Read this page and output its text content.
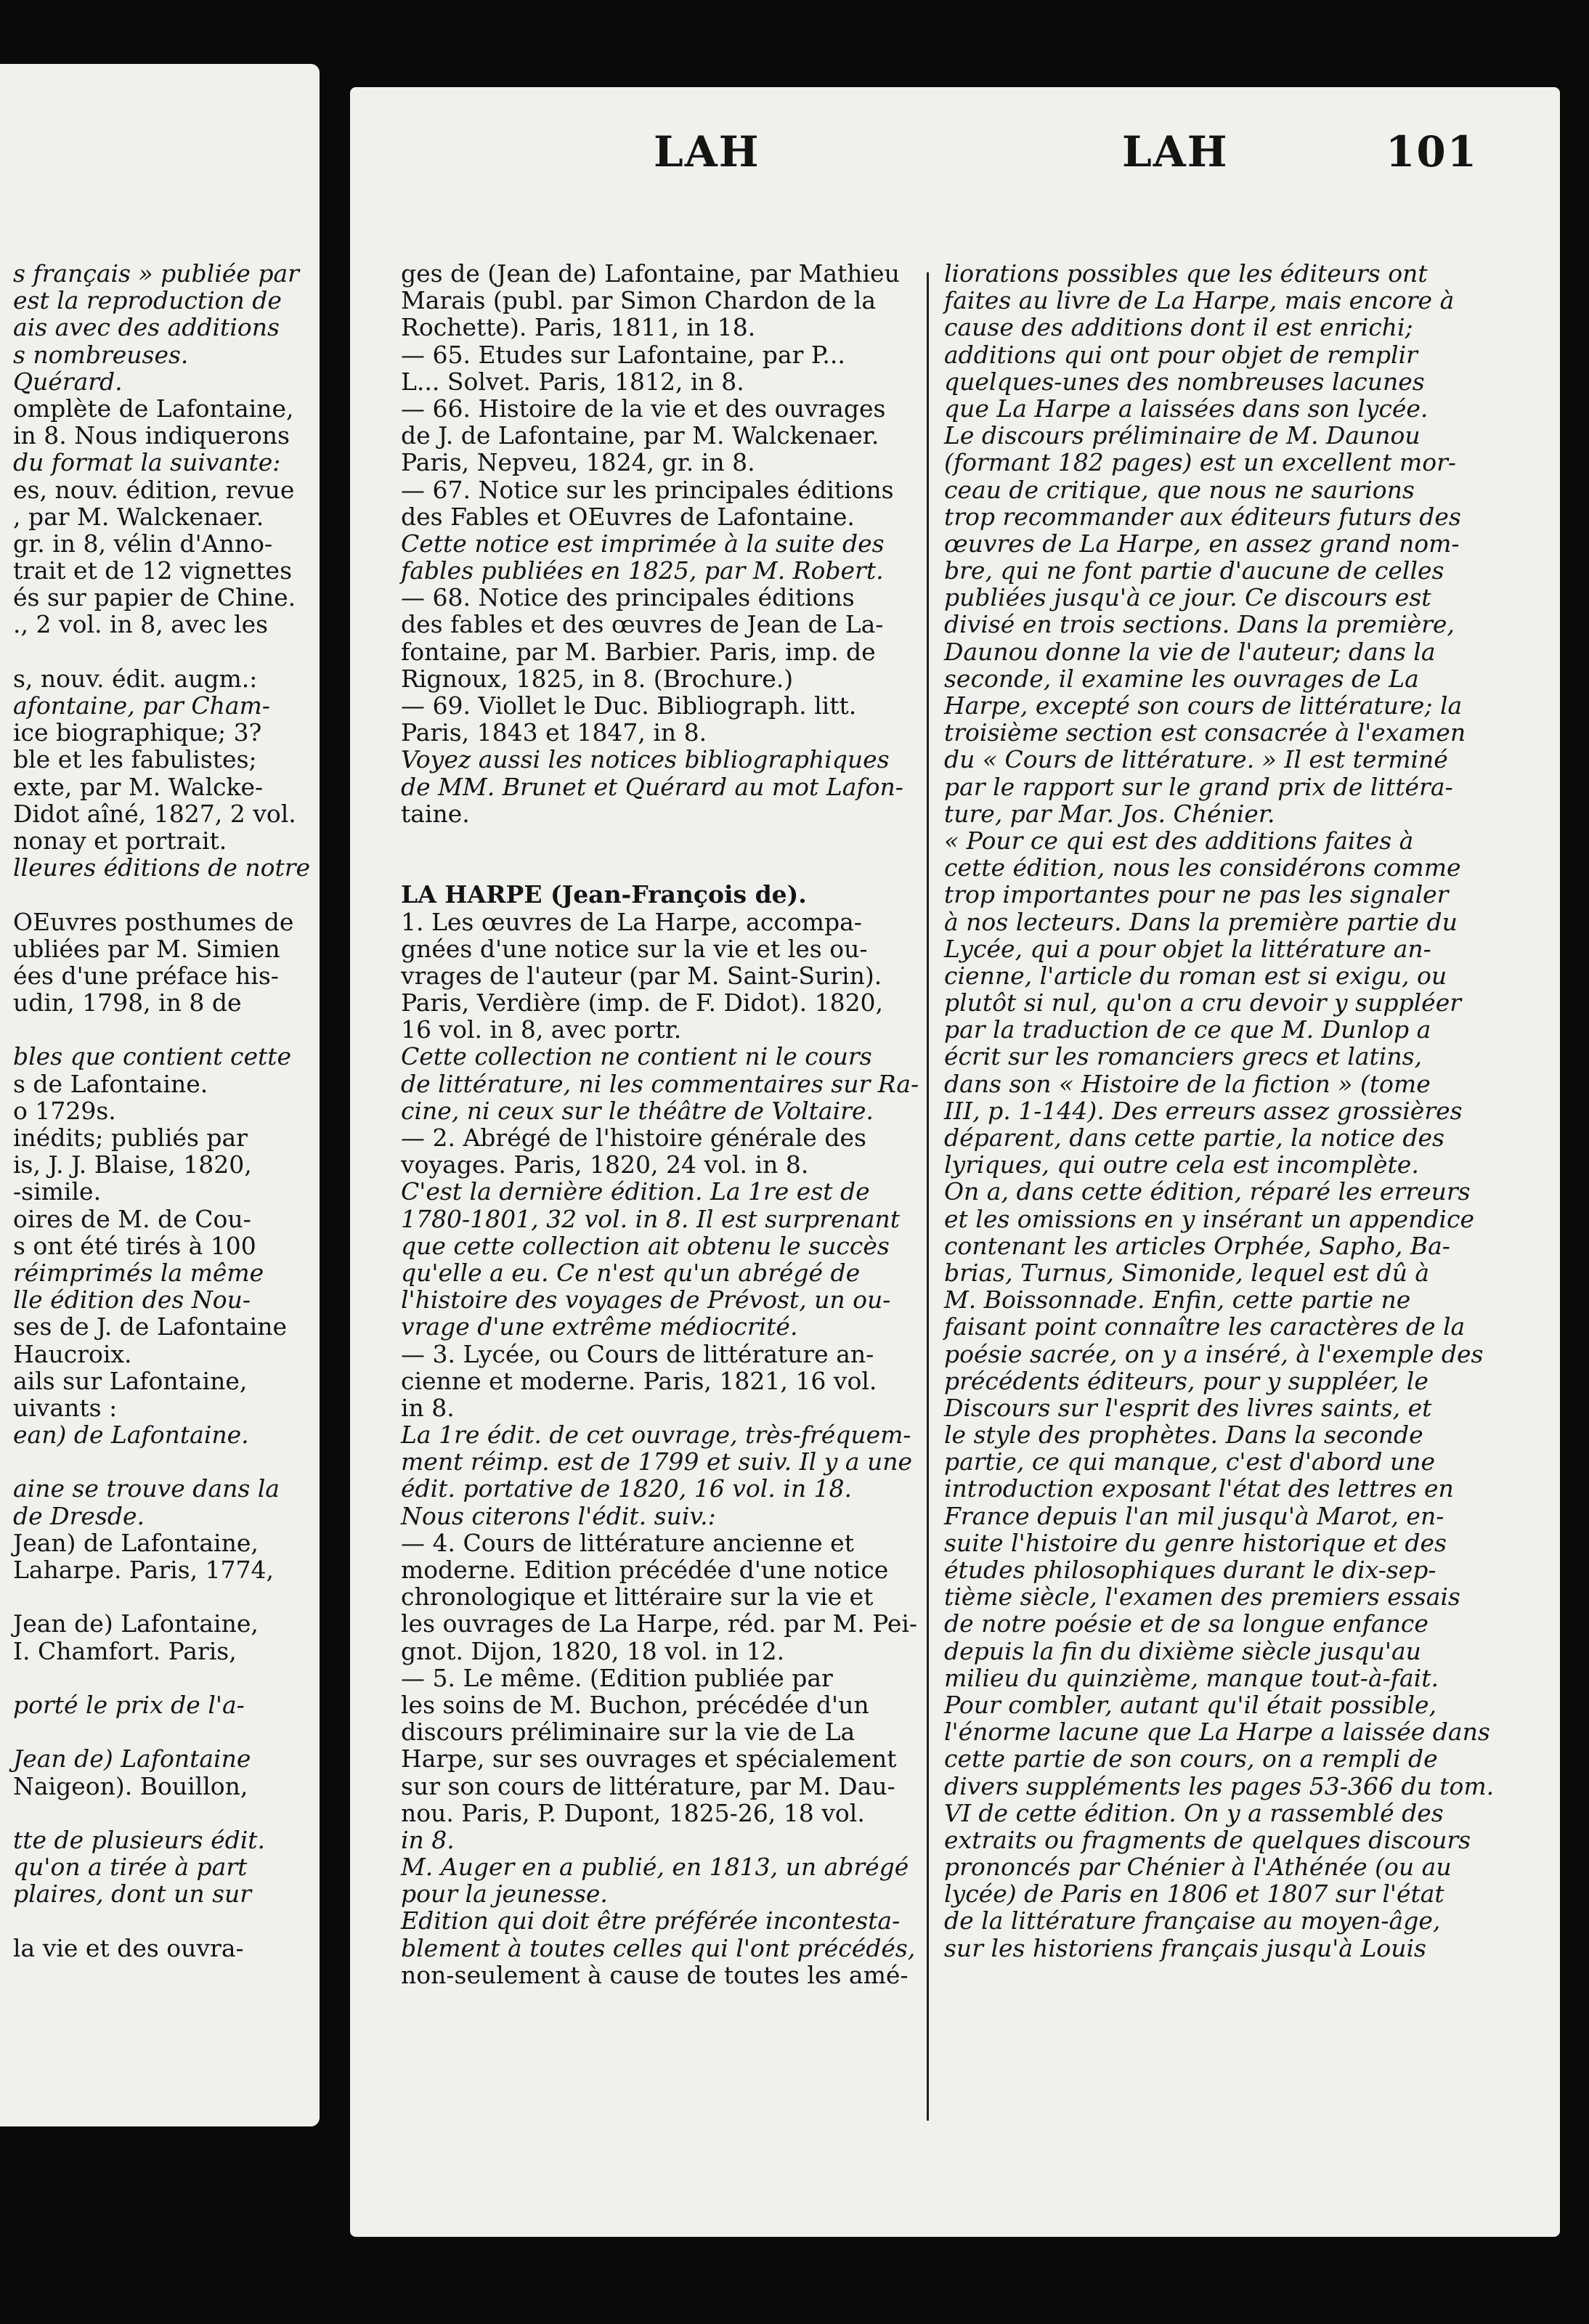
LAH	LAH	101
s français » publiée par
est la reproduction de
ais avec des additions
s nombreuses.
Quérard.
omplète de Lafontaine,
in 8. Nous indiquerons
du format la suivante:
es, nouv. édition, revue
, par M. Walckenaer.
gr. in 8, vélin d'Anno-
trait et de 12 vignettes
és sur papier de Chine.
., 2 vol. in 8, avec les
s, nouv. édit. augm.:
afontaine, par Cham-
ice biographique; 3?
ble et les fabulistes;
exte, par M. Walcke-
Didot aîné, 1827, 2 vol.
nonay et portrait.
lleures éditions de notre
OEuvres posthumes de
ubliées par M. Simien
ées d'une préface his-
udin, 1798, in 8 de
bles que contient cette
s de Lafontaine.
o 1729s.
inédits; publiés par
is, J. J. Blaise, 1820,
-simile.
oires de M. de Cou-
s ont été tirés à 100
réimprimés la même
lle édition des Nou-
ses de J. de Lafontaine
Haucroix.
ails sur Lafontaine,
uivants :
ean) de Lafontaine.
aine se trouve dans la
de Dresde.
Jean) de Lafontaine,
Laharpe. Paris, 1774,
Jean de) Lafontaine,
I. Chamfort. Paris,
porté le prix de l'a-
Jean de) Lafontaine
Naigeon). Bouillon,
tte de plusieurs édit.
qu'on a tirée à part
plaires, dont un sur
la vie et des ouvra-
ges de (Jean de) Lafontaine, par Mathieu
Marais (publ. par Simon Chardon de la
Rochette). Paris, 1811, in 18.
— 65. Etudes sur Lafontaine, par P...
L... Solvet. Paris, 1812, in 8.
— 66. Histoire de la vie et des ouvrages
de J. de Lafontaine, par M. Walckenaer.
Paris, Nepveu, 1824, gr. in 8.
— 67. Notice sur les principales éditions
des Fables et OEuvres de Lafontaine.
Cette notice est imprimée à la suite des
fables publiées en 1825, par M. Robert.
— 68. Notice des principales éditions
des fables et des œuvres de Jean de La-
fontaine, par M. Barbier. Paris, imp. de
Rignoux, 1825, in 8. (Brochure.)
— 69. Viollet le Duc. Bibliograph. litt.
Paris, 1843 et 1847, in 8.
Voyez aussi les notices bibliographiques
de MM. Brunet et Quérard au mot Lafon-
taine.
LA HARPE (Jean-François de).
1. Les œuvres de La Harpe, accompa-
gnées d'une notice sur la vie et les ou-
vrages de l'auteur (par M. Saint-Surin).
Paris, Verdière (imp. de F. Didot). 1820,
16 vol. in 8, avec portr.
Cette collection ne contient ni le cours
de littérature, ni les commentaires sur Ra-
cine, ni ceux sur le théâtre de Voltaire.
— 2. Abrégé de l'histoire générale des
voyages. Paris, 1820, 24 vol. in 8.
C'est la dernière édition. La 1re est de
1780-1801, 32 vol. in 8. Il est surprenant
que cette collection ait obtenu le succès
qu'elle a eu. Ce n'est qu'un abrégé de
l'histoire des voyages de Prévost, un ou-
vrage d'une extrême médiocrité.
— 3. Lycée, ou Cours de littérature an-
cienne et moderne. Paris, 1821, 16 vol.
in 8.
La 1re édit. de cet ouvrage, très-fréquem-
ment réimp. est de 1799 et suiv. Il y a une
édit. portative de 1820, 16 vol. in 18.
Nous citerons l'édit. suiv.:
— 4. Cours de littérature ancienne et
moderne. Edition précédée d'une notice
chronologique et littéraire sur la vie et
les ouvrages de La Harpe, réd. par M. Pei-
gnot. Dijon, 1820, 18 vol. in 12.
— 5. Le même. (Edition publiée par
les soins de M. Buchon, précédée d'un
discours préliminaire sur la vie de La
Harpe, sur ses ouvrages et spécialement
sur son cours de littérature, par M. Dau-
nou. Paris, P. Dupont, 1825-26, 18 vol.
in 8.
M. Auger en a publié, en 1813, un abrégé
pour la jeunesse.
Edition qui doit être préférée incontesta-
blement à toutes celles qui l'ont précédés,
non-seulement à cause de toutes les amé-
liorations possibles que les éditeurs ont
faites au livre de La Harpe, mais encore à
cause des additions dont il est enrichi;
additions qui ont pour objet de remplir
quelques-unes des nombreuses lacunes
que La Harpe a laissées dans son lycée.
Le discours préliminaire de M. Daunou
(formant 182 pages) est un excellent mor-
ceau de critique, que nous ne saurions
trop recommander aux éditeurs futurs des
œuvres de La Harpe, en assez grand nom-
bre, qui ne font partie d'aucune de celles
publiées jusqu'à ce jour. Ce discours est
divisé en trois sections. Dans la première,
Daunou donne la vie de l'auteur; dans la
seconde, il examine les ouvrages de La
Harpe, excepté son cours de littérature; la
troisième section est consacrée à l'examen
du « Cours de littérature. » Il est terminé
par le rapport sur le grand prix de littéra-
ture, par Mar. Jos. Chénier.
« Pour ce qui est des additions faites à
cette édition, nous les considérons comme
trop importantes pour ne pas les signaler
à nos lecteurs. Dans la première partie du
Lycée, qui a pour objet la littérature an-
cienne, l'article du roman est si exigu, ou
plutôt si nul, qu'on a cru devoir y suppléer
par la traduction de ce que M. Dunlop a
écrit sur les romanciers grecs et latins,
dans son « Histoire de la fiction » (tome
III, p. 1-144). Des erreurs assez grossières
déparent, dans cette partie, la notice des
lyriques, qui outre cela est incomplète.
On a, dans cette édition, réparé les erreurs
et les omissions en y insérant un appendice
contenant les articles Orphée, Sapho, Ba-
brias, Turnus, Simonide, lequel est dû à
M. Boissonnade. Enfin, cette partie ne
faisant point connaître les caractères de la
poésie sacrée, on y a inséré, à l'exemple des
précédents éditeurs, pour y suppléer, le
Discours sur l'esprit des livres saints, et
le style des prophètes. Dans la seconde
partie, ce qui manque, c'est d'abord une
introduction exposant l'état des lettres en
France depuis l'an mil jusqu'à Marot, en-
suite l'histoire du genre historique et des
études philosophiques durant le dix-sep-
tième siècle, l'examen des premiers essais
de notre poésie et de sa longue enfance
depuis la fin du dixième siècle jusqu'au
milieu du quinzième, manque tout-à-fait.
Pour combler, autant qu'il était possible,
l'énorme lacune que La Harpe a laissée dans
cette partie de son cours, on a rempli de
divers suppléments les pages 53-366 du tom.
VI de cette édition. On y a rassemblé des
extraits ou fragments de quelques discours
prononcés par Chénier à l'Athénée (ou au
lycée) de Paris en 1806 et 1807 sur l'état
de la littérature française au moyen-âge,
sur les historiens français jusqu'à Louis
